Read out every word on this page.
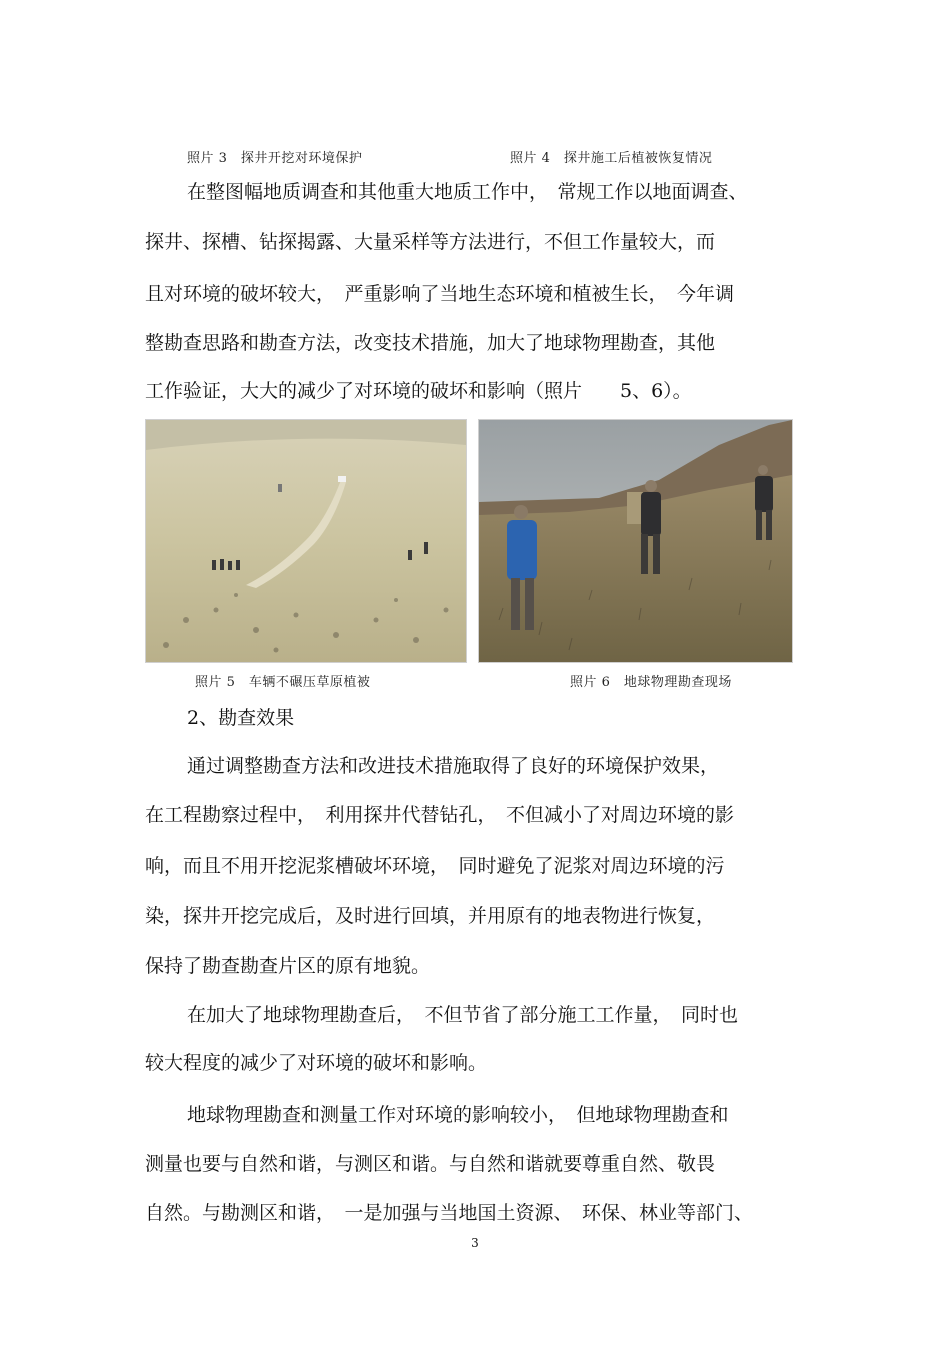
照片 3　探井开挖对环境保护	照片 4　探井施工后植被恢复情况
在整图幅地质调查和其他重大地质工作中，　常规工作以地面调查、
探井、探槽、钻探揭露、大量采样等方法进行，不但工作量较大，而
且对环境的破坏较大，　严重影响了当地生态环境和植被生长，　今年调
整勘查思路和勘查方法，改变技术措施，加大了地球物理勘查，其他
工作验证，大大的减少了对环境的破坏和影响（照片　　5、6）。
照片 5　车辆不碾压草原植被	照片 6　地球物理勘查现场
2、勘查效果
通过调整勘查方法和改进技术措施取得了良好的环境保护效果，
在工程勘察过程中，　利用探井代替钻孔，　不但减小了对周边环境的影
响，而且不用开挖泥浆槽破坏环境，　同时避免了泥浆对周边环境的污
染，探井开挖完成后，及时进行回填，并用原有的地表物进行恢复，
保持了勘查勘查片区的原有地貌。
在加大了地球物理勘查后，　不但节省了部分施工工作量，　同时也
较大程度的减少了对环境的破坏和影响。
地球物理勘查和测量工作对环境的影响较小，　但地球物理勘查和
测量也要与自然和谐，与测区和谐。与自然和谐就要尊重自然、敬畏
自然。与勘测区和谐，　一是加强与当地国土资源、　环保、林业等部门、
3
